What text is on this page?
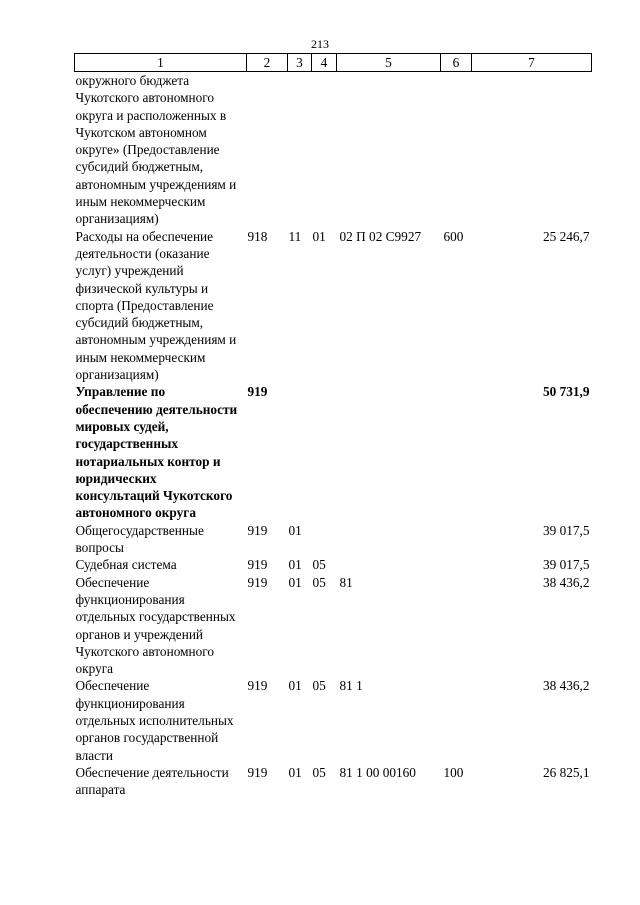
213
1	2	3	4	5	6	7
окружного бюджета Чукотского автономного округа и расположенных в Чукотском автономном округе» (Предоставление субсидий бюджетным, автономным учреждениям и иным некоммерческим организациям)						
Расходы на обеспечение деятельности (оказание услуг) учреждений физической культуры и спорта (Предоставление субсидий бюджетным, автономным учреждениям и иным некоммерческим организациям)	918	11	01	02 П 02 С9927	600	25 246,7
Управление по обеспечению деятельности мировых судей, государственных нотариальных контор и юридических консультаций Чукотского автономного округа	919					50 731,9
Общегосударственные вопросы	919	01				39 017,5
Судебная система	919	01	05			39 017,5
Обеспечение функционирования отдельных государственных органов и учреждений Чукотского автономного округа	919	01	05	81		38 436,2
Обеспечение функционирования отдельных исполнительных органов государственной власти	919	01	05	81 1		38 436,2
Обеспечение деятельности аппарата	919	01	05	81 1 00 00160	100	26 825,1
